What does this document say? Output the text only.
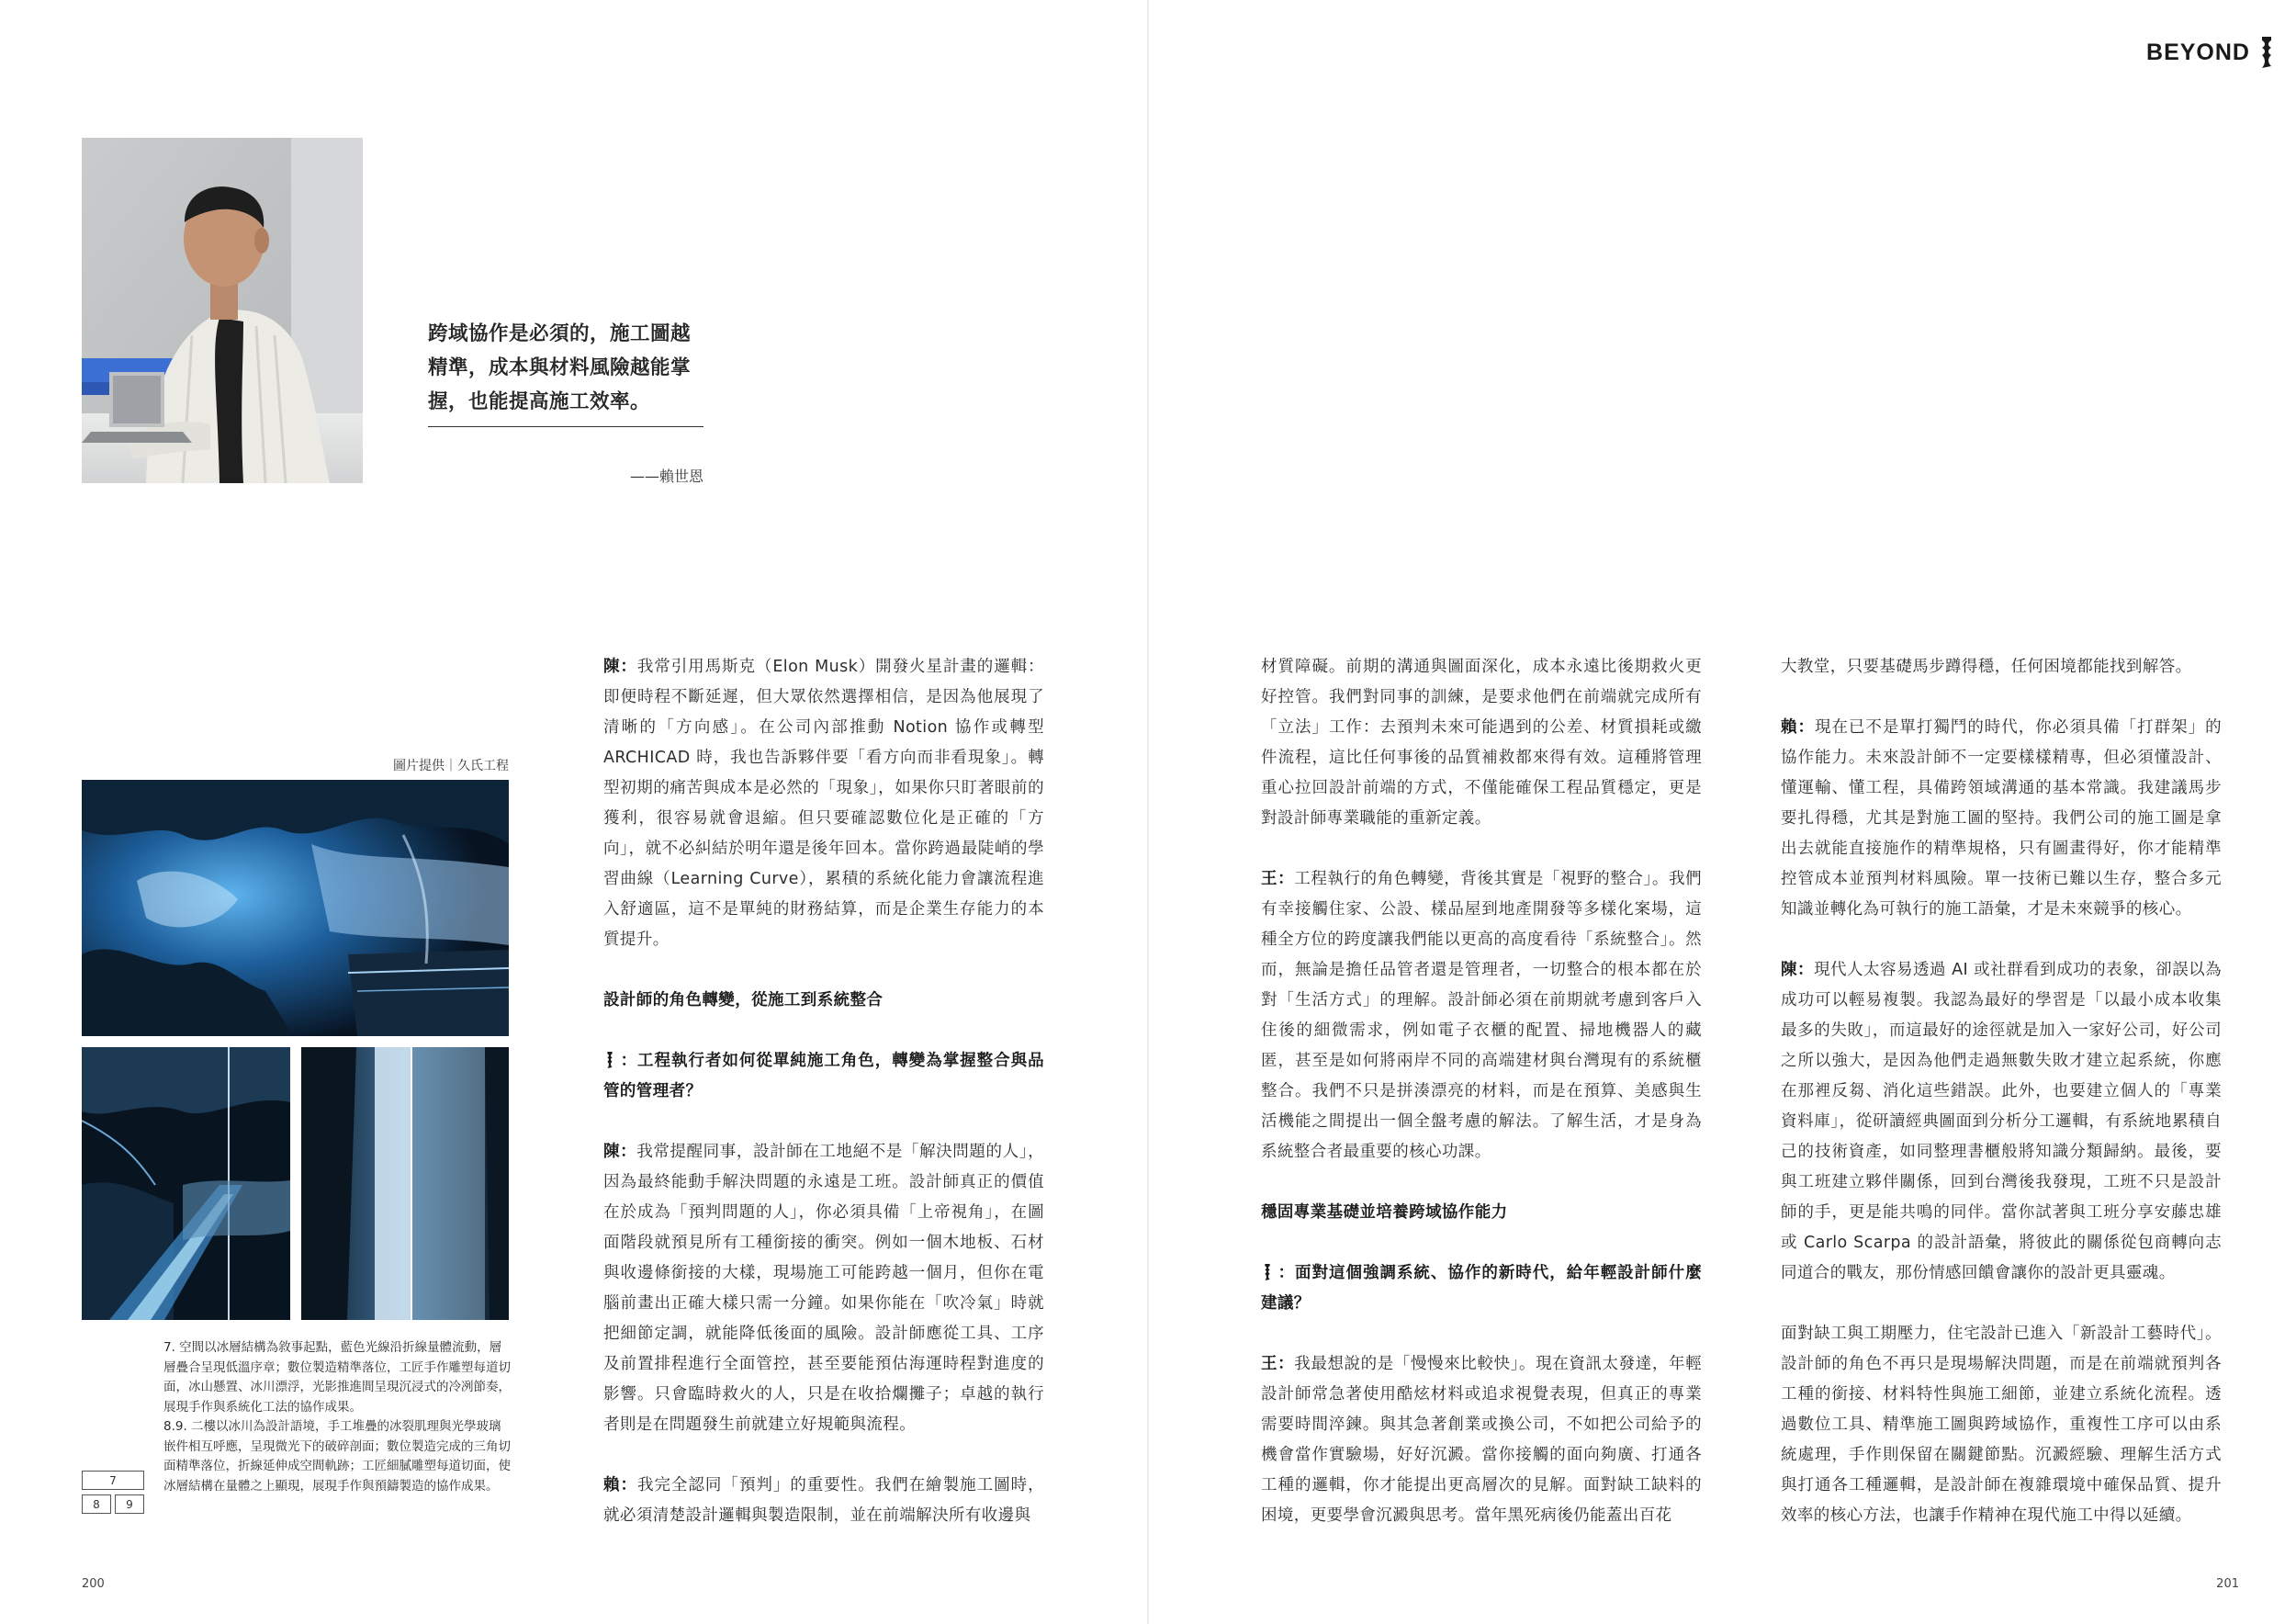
BEYOND
跨域協作是必須的，施工圖越精準，成本與材料風險越能掌握，也能提高施工效率。
——賴世恩
圖片提供｜久氏工程

7. 空間以冰層結構為敘事起點，藍色光線沿折線量體流動，層層疊合呈現低溫序章；數位製造精準落位，工匠手作雕塑每道切面，冰山懸置、冰川漂浮，光影推進間呈現沉浸式的冷冽節奏，展現手作與系統化工法的協作成果。

8.9. 二樓以冰川為設計語境，手工堆疊的冰裂肌理與光學玻璃嵌件相互呼應，呈現微光下的破碎剖面；數位製造完成的三角切面精準落位，折線延伸成空間軌跡；工匠細膩雕塑每道切面，使冰層結構在量體之上顯現，展現手作與預鑄製造的協作成果。

7
8	9

陳：我常引用馬斯克（Elon Musk）開發火星計畫的邏輯：即便時程不斷延遲，但大眾依然選擇相信，是因為他展現了清晰的「方向感」。在公司內部推動 Notion 協作或轉型 ARCHICAD 時，我也告訴夥伴要「看方向而非看現象」。轉型初期的痛苦與成本是必然的「現象」，如果你只盯著眼前的獲利，很容易就會退縮。但只要確認數位化是正確的「方向」，就不必糾結於明年還是後年回本。當你跨過最陡峭的學習曲線（Learning Curve），累積的系統化能力會讓流程進入舒適區，這不是單純的財務結算，而是企業生存能力的本質提升。

設計師的角色轉變，從施工到系統整合

：工程執行者如何從單純施工角色，轉變為掌握整合與品管的管理者？

陳：我常提醒同事，設計師在工地絕不是「解決問題的人」，因為最終能動手解決問題的永遠是工班。設計師真正的價值在於成為「預判問題的人」，你必須具備「上帝視角」，在圖面階段就預見所有工種銜接的衝突。例如一個木地板、石材與收邊條銜接的大樣，現場施工可能跨越一個月，但你在電腦前畫出正確大樣只需一分鐘。如果你能在「吹冷氣」時就把細節定調，就能降低後面的風險。設計師應從工具、工序及前置排程進行全面管控，甚至要能預估海運時程對進度的影響。只會臨時救火的人，只是在收拾爛攤子；卓越的執行者則是在問題發生前就建立好規範與流程。

賴：我完全認同「預判」的重要性。我們在繪製施工圖時，就必須清楚設計邏輯與製造限制，並在前端解決所有收邊與

材質障礙。前期的溝通與圖面深化，成本永遠比後期救火更好控管。我們對同事的訓練，是要求他們在前端就完成所有「立法」工作：去預判未來可能遇到的公差、材質損耗或繳件流程，這比任何事後的品質補救都來得有效。這種將管理重心拉回設計前端的方式，不僅能確保工程品質穩定，更是對設計師專業職能的重新定義。

王：工程執行的角色轉變，背後其實是「視野的整合」。我們有幸接觸住家、公設、樣品屋到地產開發等多樣化案場，這種全方位的跨度讓我們能以更高的高度看待「系統整合」。然而，無論是擔任品管者還是管理者，一切整合的根本都在於對「生活方式」的理解。設計師必須在前期就考慮到客戶入住後的細微需求，例如電子衣櫃的配置、掃地機器人的藏匿，甚至是如何將兩岸不同的高端建材與台灣現有的系統櫃整合。我們不只是拼湊漂亮的材料，而是在預算、美感與生活機能之間提出一個全盤考慮的解法。了解生活，才是身為系統整合者最重要的核心功課。

穩固專業基礎並培養跨域協作能力

：面對這個強調系統、協作的新時代，給年輕設計師什麼建議？

王：我最想說的是「慢慢來比較快」。現在資訊太發達，年輕設計師常急著使用酷炫材料或追求視覺表現，但真正的專業需要時間淬鍊。與其急著創業或換公司，不如把公司給予的機會當作實驗場，好好沉澱。當你接觸的面向夠廣、打通各工種的邏輯，你才能提出更高層次的見解。面對缺工缺料的困境，更要學會沉澱與思考。當年黑死病後仍能蓋出百花

大教堂，只要基礎馬步蹲得穩，任何困境都能找到解答。

賴：現在已不是單打獨鬥的時代，你必須具備「打群架」的協作能力。未來設計師不一定要樣樣精專，但必須懂設計、懂運輸、懂工程，具備跨領域溝通的基本常識。我建議馬步要扎得穩，尤其是對施工圖的堅持。我們公司的施工圖是拿出去就能直接施作的精準規格，只有圖畫得好，你才能精準控管成本並預判材料風險。單一技術已難以生存，整合多元知識並轉化為可執行的施工語彙，才是未來競爭的核心。

陳：現代人太容易透過 AI 或社群看到成功的表象，卻誤以為成功可以輕易複製。我認為最好的學習是「以最小成本收集最多的失敗」，而這最好的途徑就是加入一家好公司，好公司之所以強大，是因為他們走過無數失敗才建立起系統，你應在那裡反芻、消化這些錯誤。此外，也要建立個人的「專業資料庫」，從研讀經典圖面到分析分工邏輯，有系統地累積自己的技術資產，如同整理書櫃般將知識分類歸納。最後，要與工班建立夥伴關係，回到台灣後我發現，工班不只是設計師的手，更是能共鳴的同伴。當你試著與工班分享安藤忠雄或 Carlo Scarpa 的設計語彙，將彼此的關係從包商轉向志同道合的戰友，那份情感回饋會讓你的設計更具靈魂。

面對缺工與工期壓力，住宅設計已進入「新設計工藝時代」。設計師的角色不再只是現場解決問題，而是在前端就預判各工種的銜接、材料特性與施工細節，並建立系統化流程。透過數位工具、精準施工圖與跨域協作，重複性工序可以由系統處理，手作則保留在關鍵節點。沉澱經驗、理解生活方式與打通各工種邏輯，是設計師在複雜環境中確保品質、提升效率的核心方法，也讓手作精神在現代施工中得以延續。

200	201
